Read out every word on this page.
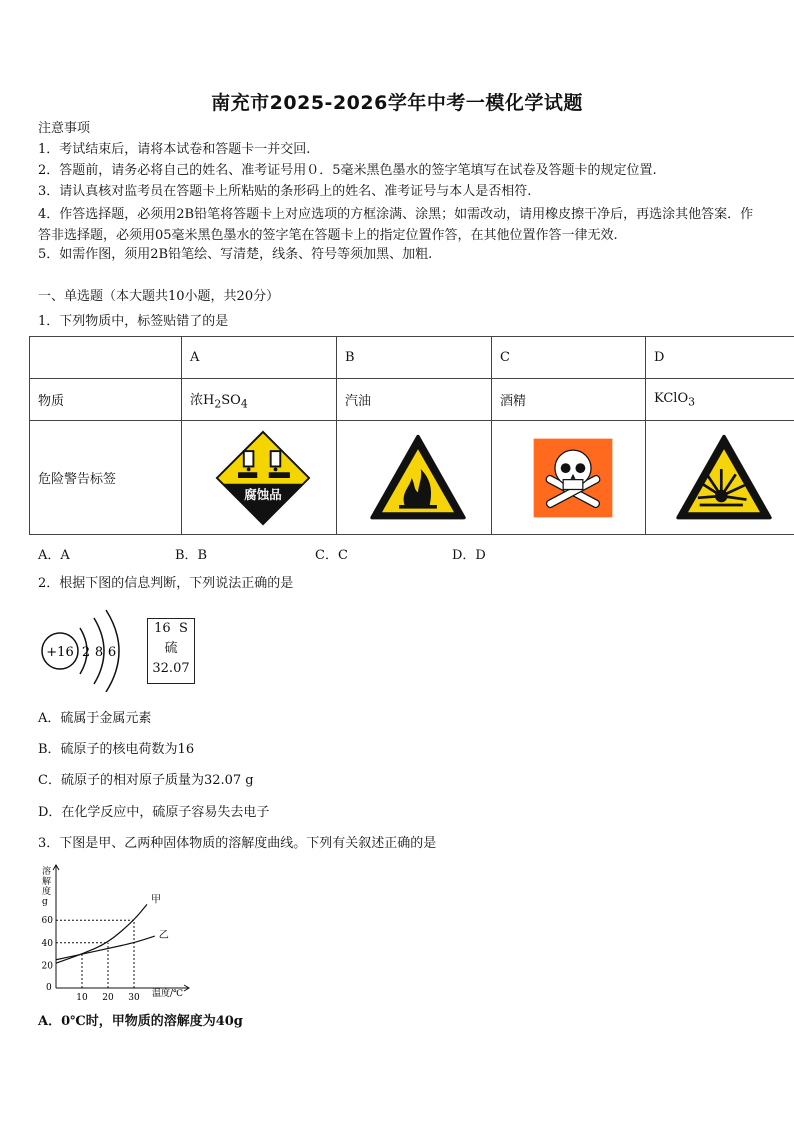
南充市2025-2026学年中考一模化学试题
注意事项
1．考试结束后，请将本试卷和答题卡一并交回.
2．答题前，请务必将自己的姓名、准考证号用０．5毫米黑色墨水的签字笔填写在试卷及答题卡的规定位置.
3．请认真核对监考员在答题卡上所粘贴的条形码上的姓名、准考证号与本人是否相符.
4．作答选择题，必须用2B铅笔将答题卡上对应选项的方框涂满、涂黑；如需改动，请用橡皮擦干净后，再选涂其他答案．作答非选择题，必须用05毫米黑色墨水的签字笔在答题卡上的指定位置作答，在其他位置作答一律无效.
5．如需作图，须用2B铅笔绘、写清楚，线条、符号等须加黑、加粗.
一、单选题（本大题共10小题，共20分）
1．下列物质中，标签贴错了的是
	A	B	C	D
物质	浓$H_2SO_4$	汽油	酒精	KClO$_3$
危险警告标签	腐蚀品

A．A	B．B	C．C	D．D
2．根据下图的信息判断，下列说法正确的是
+16 2 8 6
16 S
硫
32.07
A．硫属于金属元素
B．硫原子的核电荷数为16
C．硫原子的相对原子质量为32.07 g
D．在化学反应中，硫原子容易失去电子
3．下图是甲、乙两种固体物质的溶解度曲线。下列有关叙述正确的是
溶
解
度
g	甲
乙
10 20 30
60
40
20
0
温度/℃
A．0℃时，甲物质的溶解度为40g
